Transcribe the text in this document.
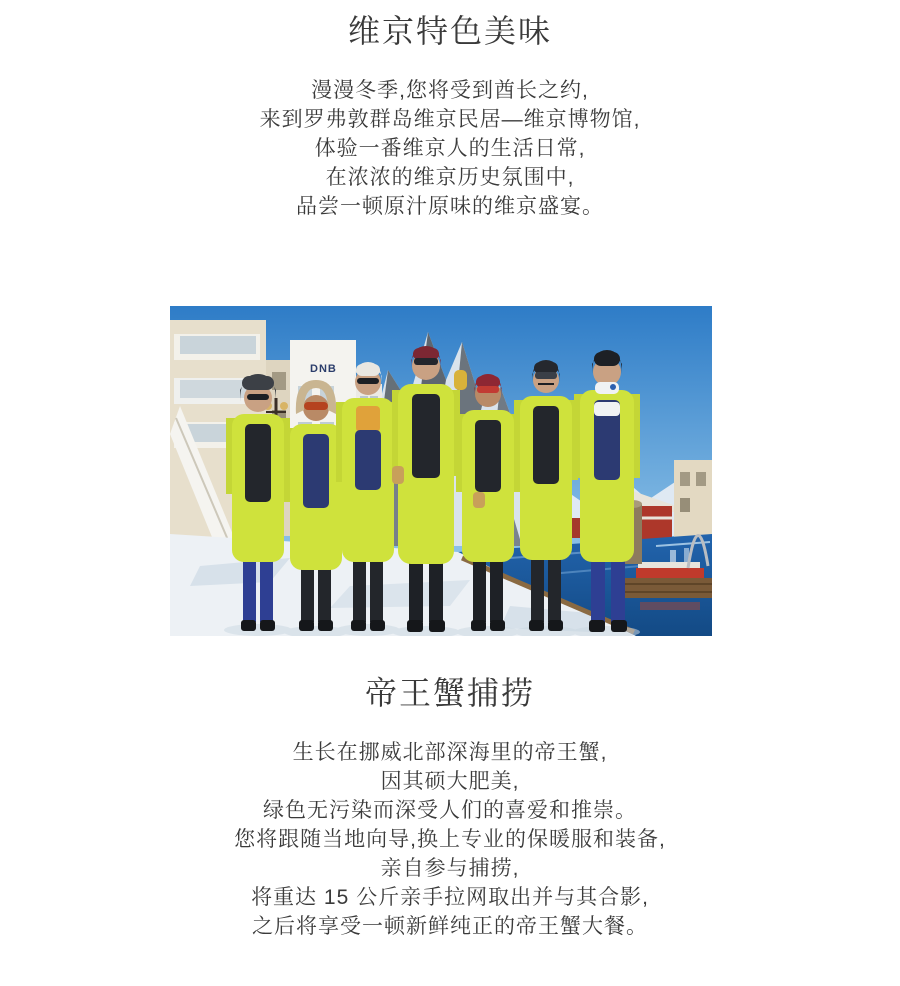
维京特色美味
漫漫冬季,您将受到酋长之约,
来到罗弗敦群岛维京民居—维京博物馆,
体验一番维京人的生活日常,
在浓浓的维京历史氛围中,
品尝一顿原汁原味的维京盛宴。
DNB
帝王蟹捕捞
生长在挪威北部深海里的帝王蟹,
因其硕大肥美,
绿色无污染而深受人们的喜爱和推崇。
您将跟随当地向导,换上专业的保暖服和装备,
亲自参与捕捞,
将重达 15 公斤亲手拉网取出并与其合影,
之后将享受一顿新鲜纯正的帝王蟹大餐。
